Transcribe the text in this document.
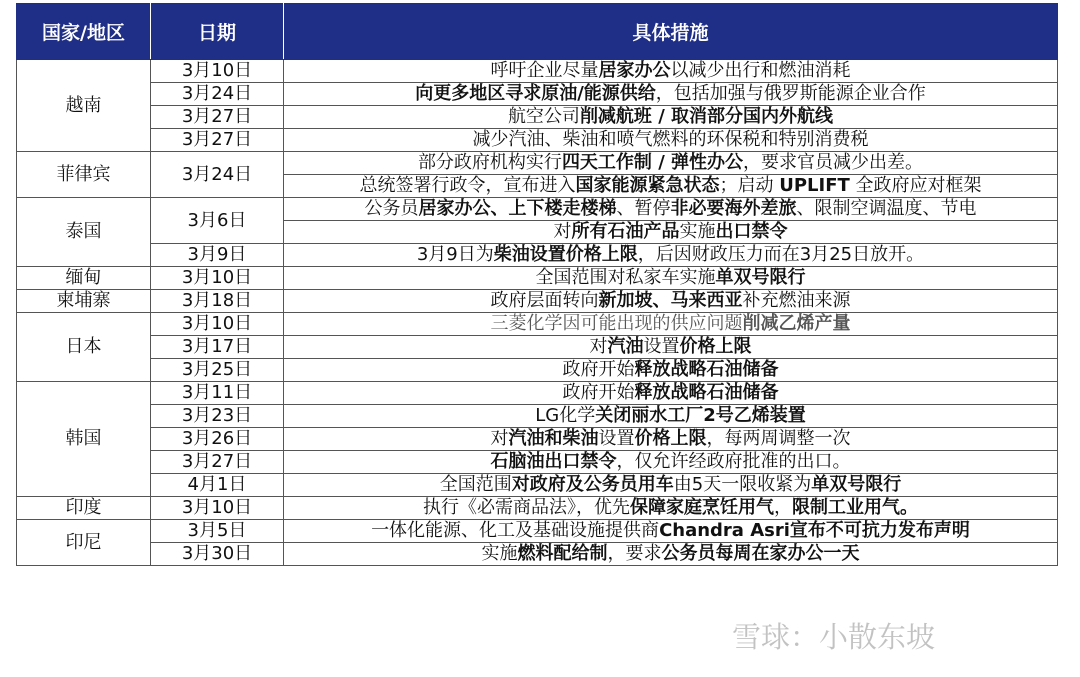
国家/地区	日期	具体措施
越南	3月10日	呼吁企业尽量居家办公以减少出行和燃油消耗
	3月24日	向更多地区寻求原油/能源供给，包括加强与俄罗斯能源企业合作
	3月27日	航空公司削减航班 / 取消部分国内外航线
	3月27日	减少汽油、柴油和喷气燃料的环保税和特别消费税
菲律宾	3月24日	部分政府机构实行四天工作制 / 弹性办公，要求官员减少出差。
		总统签署行政令，宣布进入国家能源紧急状态；启动 UPLIFT 全政府应对框架
泰国	3月6日	公务员居家办公、上下楼走楼梯、暂停非必要海外差旅、限制空调温度、节电
		对所有石油产品实施出口禁令
	3月9日	3月9日为柴油设置价格上限，后因财政压力而在3月25日放开。
缅甸	3月10日	全国范围对私家车实施单双号限行
柬埔寨	3月18日	政府层面转向新加坡、马来西亚补充燃油来源
日本	3月10日	三菱化学因可能出现的供应问题削减乙烯产量
	3月17日	对汽油设置价格上限
	3月25日	政府开始释放战略石油储备
韩国	3月11日	政府开始释放战略石油储备
	3月23日	LG化学关闭丽水工厂2号乙烯装置
	3月26日	对汽油和柴油设置价格上限，每两周调整一次
	3月27日	石脑油出口禁令，仅允许经政府批准的出口。
	4月1日	全国范围对政府及公务员用车由5天一限收紧为单双号限行
印度	3月10日	执行《必需商品法》，优先保障家庭烹饪用气，限制工业用气。
印尼	3月5日	一体化能源、化工及基础设施提供商Chandra Asri宣布不可抗力发布声明
	3月30日	实施燃料配给制，要求公务员每周在家办公一天
雪球：小散东坡
